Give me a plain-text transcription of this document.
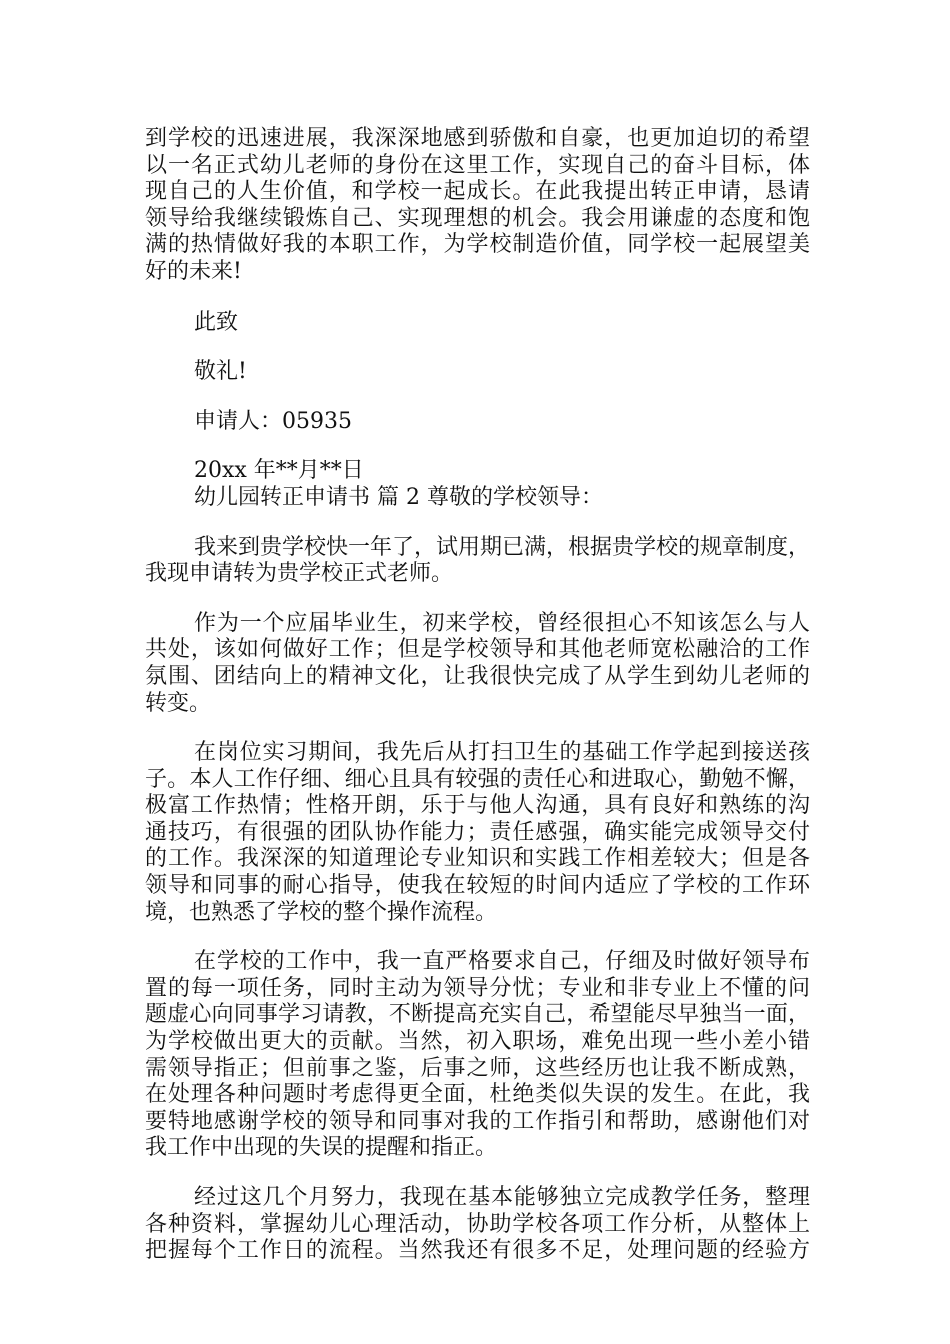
到学校的迅速进展，我深深地感到骄傲和自豪，也更加迫切的希望
以一名正式幼儿老师的身份在这里工作，实现自己的奋斗目标，体
现自己的人生价值，和学校一起成长。在此我提出转正申请，恳请
领导给我继续锻炼自己、实现理想的机会。我会用谦虚的态度和饱
满的热情做好我的本职工作，为学校制造价值，同学校一起展望美
好的未来!
此致
敬礼!
申请人：05935
20xx 年**月**日
幼儿园转正申请书 篇 2 尊敬的学校领导：
我来到贵学校快一年了，试用期已满，根据贵学校的规章制度，
我现申请转为贵学校正式老师。
作为一个应届毕业生，初来学校，曾经很担心不知该怎么与人
共处，该如何做好工作；但是学校领导和其他老师宽松融洽的工作
氛围、团结向上的精神文化，让我很快完成了从学生到幼儿老师的
转变。
在岗位实习期间，我先后从打扫卫生的基础工作学起到接送孩
子。本人工作仔细、细心且具有较强的责任心和进取心，勤勉不懈，
极富工作热情；性格开朗，乐于与他人沟通，具有良好和熟练的沟
通技巧，有很强的团队协作能力；责任感强，确实能完成领导交付
的工作。我深深的知道理论专业知识和实践工作相差较大；但是各
领导和同事的耐心指导，使我在较短的时间内适应了学校的工作环
境，也熟悉了学校的整个操作流程。
在学校的工作中，我一直严格要求自己，仔细及时做好领导布
置的每一项任务，同时主动为领导分忧；专业和非专业上不懂的问
题虚心向同事学习请教，不断提高充实自己，希望能尽早独当一面，
为学校做出更大的贡献。当然，初入职场，难免出现一些小差小错
需领导指正；但前事之鉴，后事之师，这些经历也让我不断成熟，
在处理各种问题时考虑得更全面，杜绝类似失误的发生。在此，我
要特地感谢学校的领导和同事对我的工作指引和帮助，感谢他们对
我工作中出现的失误的提醒和指正。
经过这几个月努力，我现在基本能够独立完成教学任务，整理
各种资料，掌握幼儿心理活动，协助学校各项工作分析，从整体上
把握每个工作日的流程。当然我还有很多不足，处理问题的经验方
